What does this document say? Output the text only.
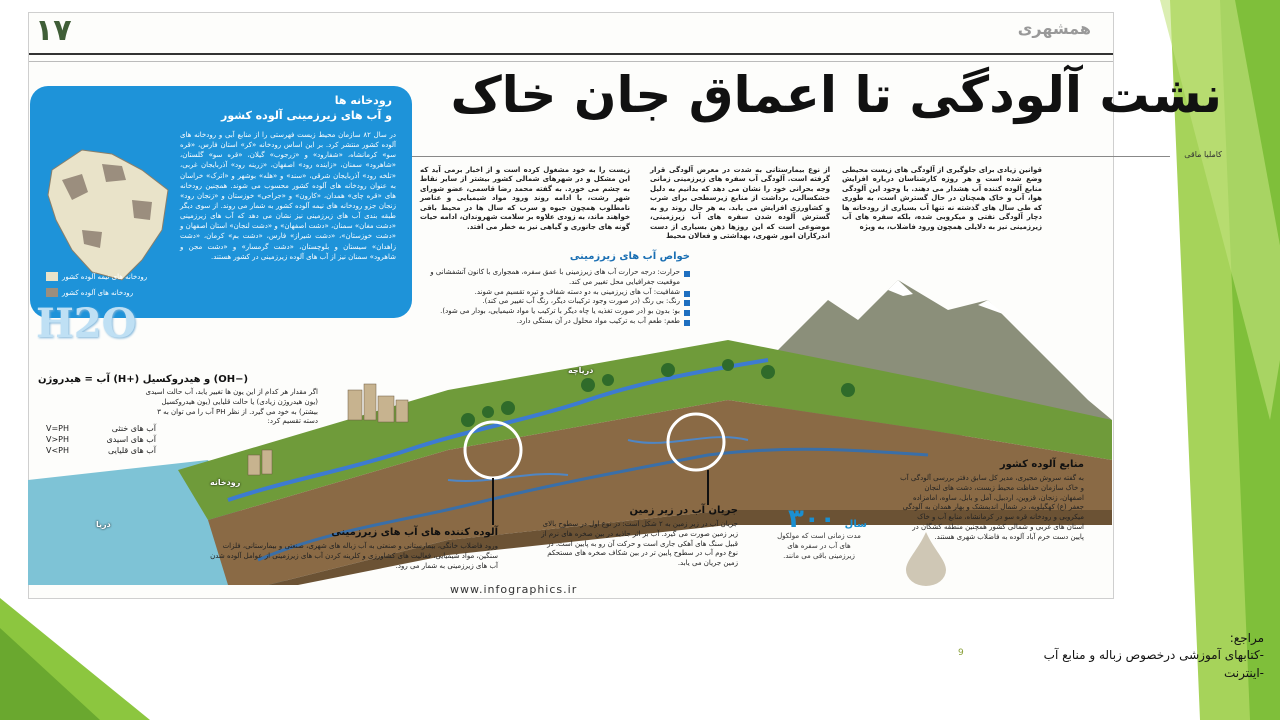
۱۷	همشهری
نشت آلودگی تا اعماق جان خاک
کاملیا ماقی
قوانین زیادی برای جلوگیری از آلودگی های زیست محیطی وضع شده است و هر روزه کارشناسان درباره افزایش منابع آلوده کننده آب هشدار می دهند. با وجود این آلودگی هوا، آب و خاک همچنان در حال گسترش است، به طوری که طی سال های گذشته نه تنها آب بسیاری از رودخانه ها دچار آلودگی نفتی و میکروبی شده، بلکه سفره های آب زیرزمینی نیز به دلایلی همچون ورود فاضلاب، به ویژه
از نوع بیمارستانی به شدت در معرض آلودگی قرار گرفته است. آلودگی آب سفره های زیرزمینی زمانی وجه بحرانی خود را نشان می دهد که بدانیم به دلیل خشکسالی، برداشت از منابع زیرسطحی برای شرب و کشاورزی افزایش می یابد. به هر حال روند رو به گسترش آلوده شدن سفره های آب زیرزمینی، موضوعی است که این روزها ذهن بسیاری از دست اندرکاران امور شهری، بهداشتی و فعالان محیط
زیست را به خود مشغول کرده است و از اخبار برمی آید که این مشکل و در شهرهای شمالی کشور بیشتر از سایر نقاط به چشم می خورد. به گفته محمد رضا قاسمی، عضو شورای شهر رشت، با ادامه روند ورود مواد شیمیایی و عناصر نامطلوب همچون جیوه و سرب که سال ها در محیط باقی خواهند ماند، به زودی علاوه بر سلامت شهروندان، ادامه حیات گونه های جانوری و گیاهی نیز به خطر می افتد.
دریا
رودخانه
دریاچه
رودخانه ها
و آب های زیرزمینی آلوده کشور
در سال ۸۲ سازمان محیط زیست فهرستی را از منابع آبی و رودخانه های آلوده کشور منتشر کرد. بر این اساس رودخانه «کر» استان فارس، «قره سو» کرمانشاه، «شفارود» و «زرجوب» گیلان، «قره سو» گلستان، «شاهرود» سمنان، «زاینده رود» اصفهان، «زرینه رود» آذربایجان غربی، «تلخه رود» آذربایجان شرقی، «سند» و «هله» بوشهر و «اترک» خراسان به عنوان رودخانه های آلوده کشور محسوب می شوند. همچنین رودخانه های «قره چای» همدان، «کارون» و «جراحی» خوزستان و «زنجان رود» زنجان جزو رودخانه های نیمه آلوده کشور به شمار می روند. از سوی دیگر طبقه بندی آب های زیرزمینی نیز نشان می دهد که آب های زیرزمینی «دشت مغان» سمنان، «دشت اصفهان» و «دشت لنجان» استان اصفهان و «دشت خوزستان»، «دشت شیراز» فارس، «دشت بم» کرمان، «دشت زاهدان» سیستان و بلوچستان، «دشت گرمسار» و «دشت مجن و شاهرود» سمنان نیز از آب های آلوده زیرزمینی در کشور هستند.
رودخانه های نیمه آلوده کشور
رودخانه های آلوده کشور
خواص آب های زیرزمینی
حرارت: درجه حرارت آب های زیرزمینی با عمق سفره، همجواری با کانون آتشفشانی و موقعیت جغرافیایی محل تغییر می کند.
شفافیت: آب های زیرزمینی به دو دسته شفاف و تیره تقسیم می شوند.
رنگ: بی رنگ (در صورت وجود ترکیبات دیگر، رنگ آب تغییر می کند).
بو: بدون بو (در صورت تغذیه یا چاه دیگر با ترکیب یا مواد شیمیایی، بودار می شود).
طعم: طعم آب به ترکیب مواد محلول در آن بستگی دارد.
H2O
آب = هیدروژن (H+) و هیدروکسیل (OH−)
اگر مقدار هر کدام از این یون ها تغییر یابد، آب حالت اسیدی (یون هیدروژن زیادی) یا حالت قلیایی (یون هیدروکسیل بیشتر) به خود می گیرد. از نظر PH آب را می توان به ۳ دسته تقسیم کرد:
V=PH	آب های خنثی
V>PH	آب های اسیدی
V<PH	آب های قلیایی
آلوده کننده های آب های زیرزمینی
ورود فاضلاب خانگی، بیمارستانی و صنعتی به آب زباله های شهری، صنعتی و بیمارستانی، فلزات سنگین، مواد شیمیایی، فعالیت های کشاورزی و کلرینه کردن آب های زیرزمینی از عوامل آلوده شدن آب های زیرزمینی به شمار می رود.
جریان آب در زیر زمین
جریان آب در زیر زمین به ۲ شکل است: در نوع اول در سطوح بالای زیر زمین صورت می گیرد. آب بر اثر جاذبه در بین صخره های نرم از قبیل سنگ های آهکی جاری است و حرکت آن رو به پایین است. در نوع دوم آب در سطوح پایین تر در بین شکاف صخره های مستحکم زمین جریان می یابد.
منابع آلوده کشور
به گفته سروش مجیری، مدیر کل سابق دفتر بررسی آلودگی آب و خاک سازمان حفاظت محیط زیست، دشت های لنجان اصفهان، زنجان، قزوین، اردبیل، آمل و بابل، ساوه، امامزاده جعفر (ع) کهگیلویه، در شمال اندیمشک و بهار همدان به آلودگی میکروبی و رودخانه قره سو در کرمانشاه، منابع آب و خاک استان های غربی و شمالی کشور همچنین منطقه کشگان در پایین دست خرم آباد آلوده به فاضلاب شهری هستند.
۳۰۰ سال
مدت زمانی است که مولکول های آب در سفره های زیرزمینی باقی می مانند.
www.infographics.ir
9
مراجع:
-کتابهای آموزشی درخصوص زباله و منابع آب
-اینترنت
